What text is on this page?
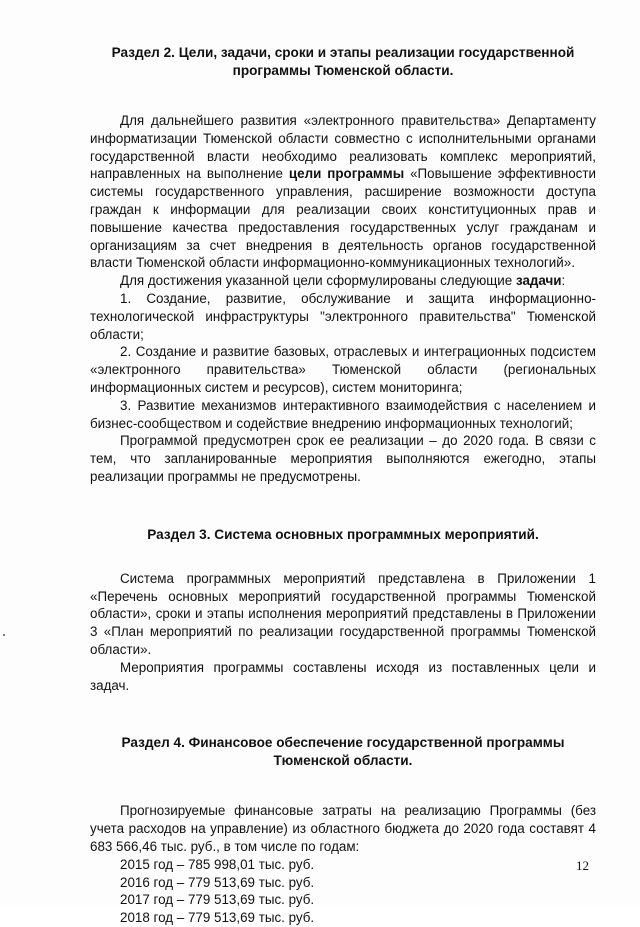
Раздел 2. Цели, задачи, сроки и этапы реализации государственной программы Тюменской области.

Для дальнейшего развития «электронного правительства» Департаменту информатизации Тюменской области совместно с исполнительными органами государственной власти необходимо реализовать комплекс мероприятий, направленных на выполнение цели программы «Повышение эффективности системы государственного управления, расширение возможности доступа граждан к информации для реализации своих конституционных прав и повышение качества предоставления государственных услуг гражданам и организациям за счет внедрения в деятельность органов государственной власти Тюменской области информационно-коммуникационных технологий».

Для достижения указанной цели сформулированы следующие задачи:

1. Создание, развитие, обслуживание и защита информационно-технологической инфраструктуры "электронного правительства" Тюменской области;

2. Создание и развитие базовых, отраслевых и интеграционных подсистем «электронного правительства» Тюменской области (региональных информационных систем и ресурсов), систем мониторинга;

3. Развитие механизмов интерактивного взаимодействия с населением и бизнес-сообществом и содействие внедрению информационных технологий;

Программой предусмотрен срок ее реализации – до 2020 года. В связи с тем, что запланированные мероприятия выполняются ежегодно, этапы реализации программы не предусмотрены.

Раздел 3. Система основных программных мероприятий.

Система программных мероприятий представлена в Приложении 1 «Перечень основных мероприятий государственной программы Тюменской области», сроки и этапы исполнения мероприятий представлены в Приложении 3 «План мероприятий по реализации государственной программы Тюменской области».

Мероприятия программы составлены исходя из поставленных цели и задач.

Раздел 4. Финансовое обеспечение государственной программы Тюменской области.

Прогнозируемые финансовые затраты на реализацию Программы (без учета расходов на управление) из областного бюджета до 2020 года составят 4 683 566,46 тыс. руб., в том числе по годам:

2015 год – 785 998,01 тыс. руб.

2016 год – 779 513,69 тыс. руб.

2017 год – 779 513,69 тыс. руб.

2018 год – 779 513,69 тыс. руб.

12
